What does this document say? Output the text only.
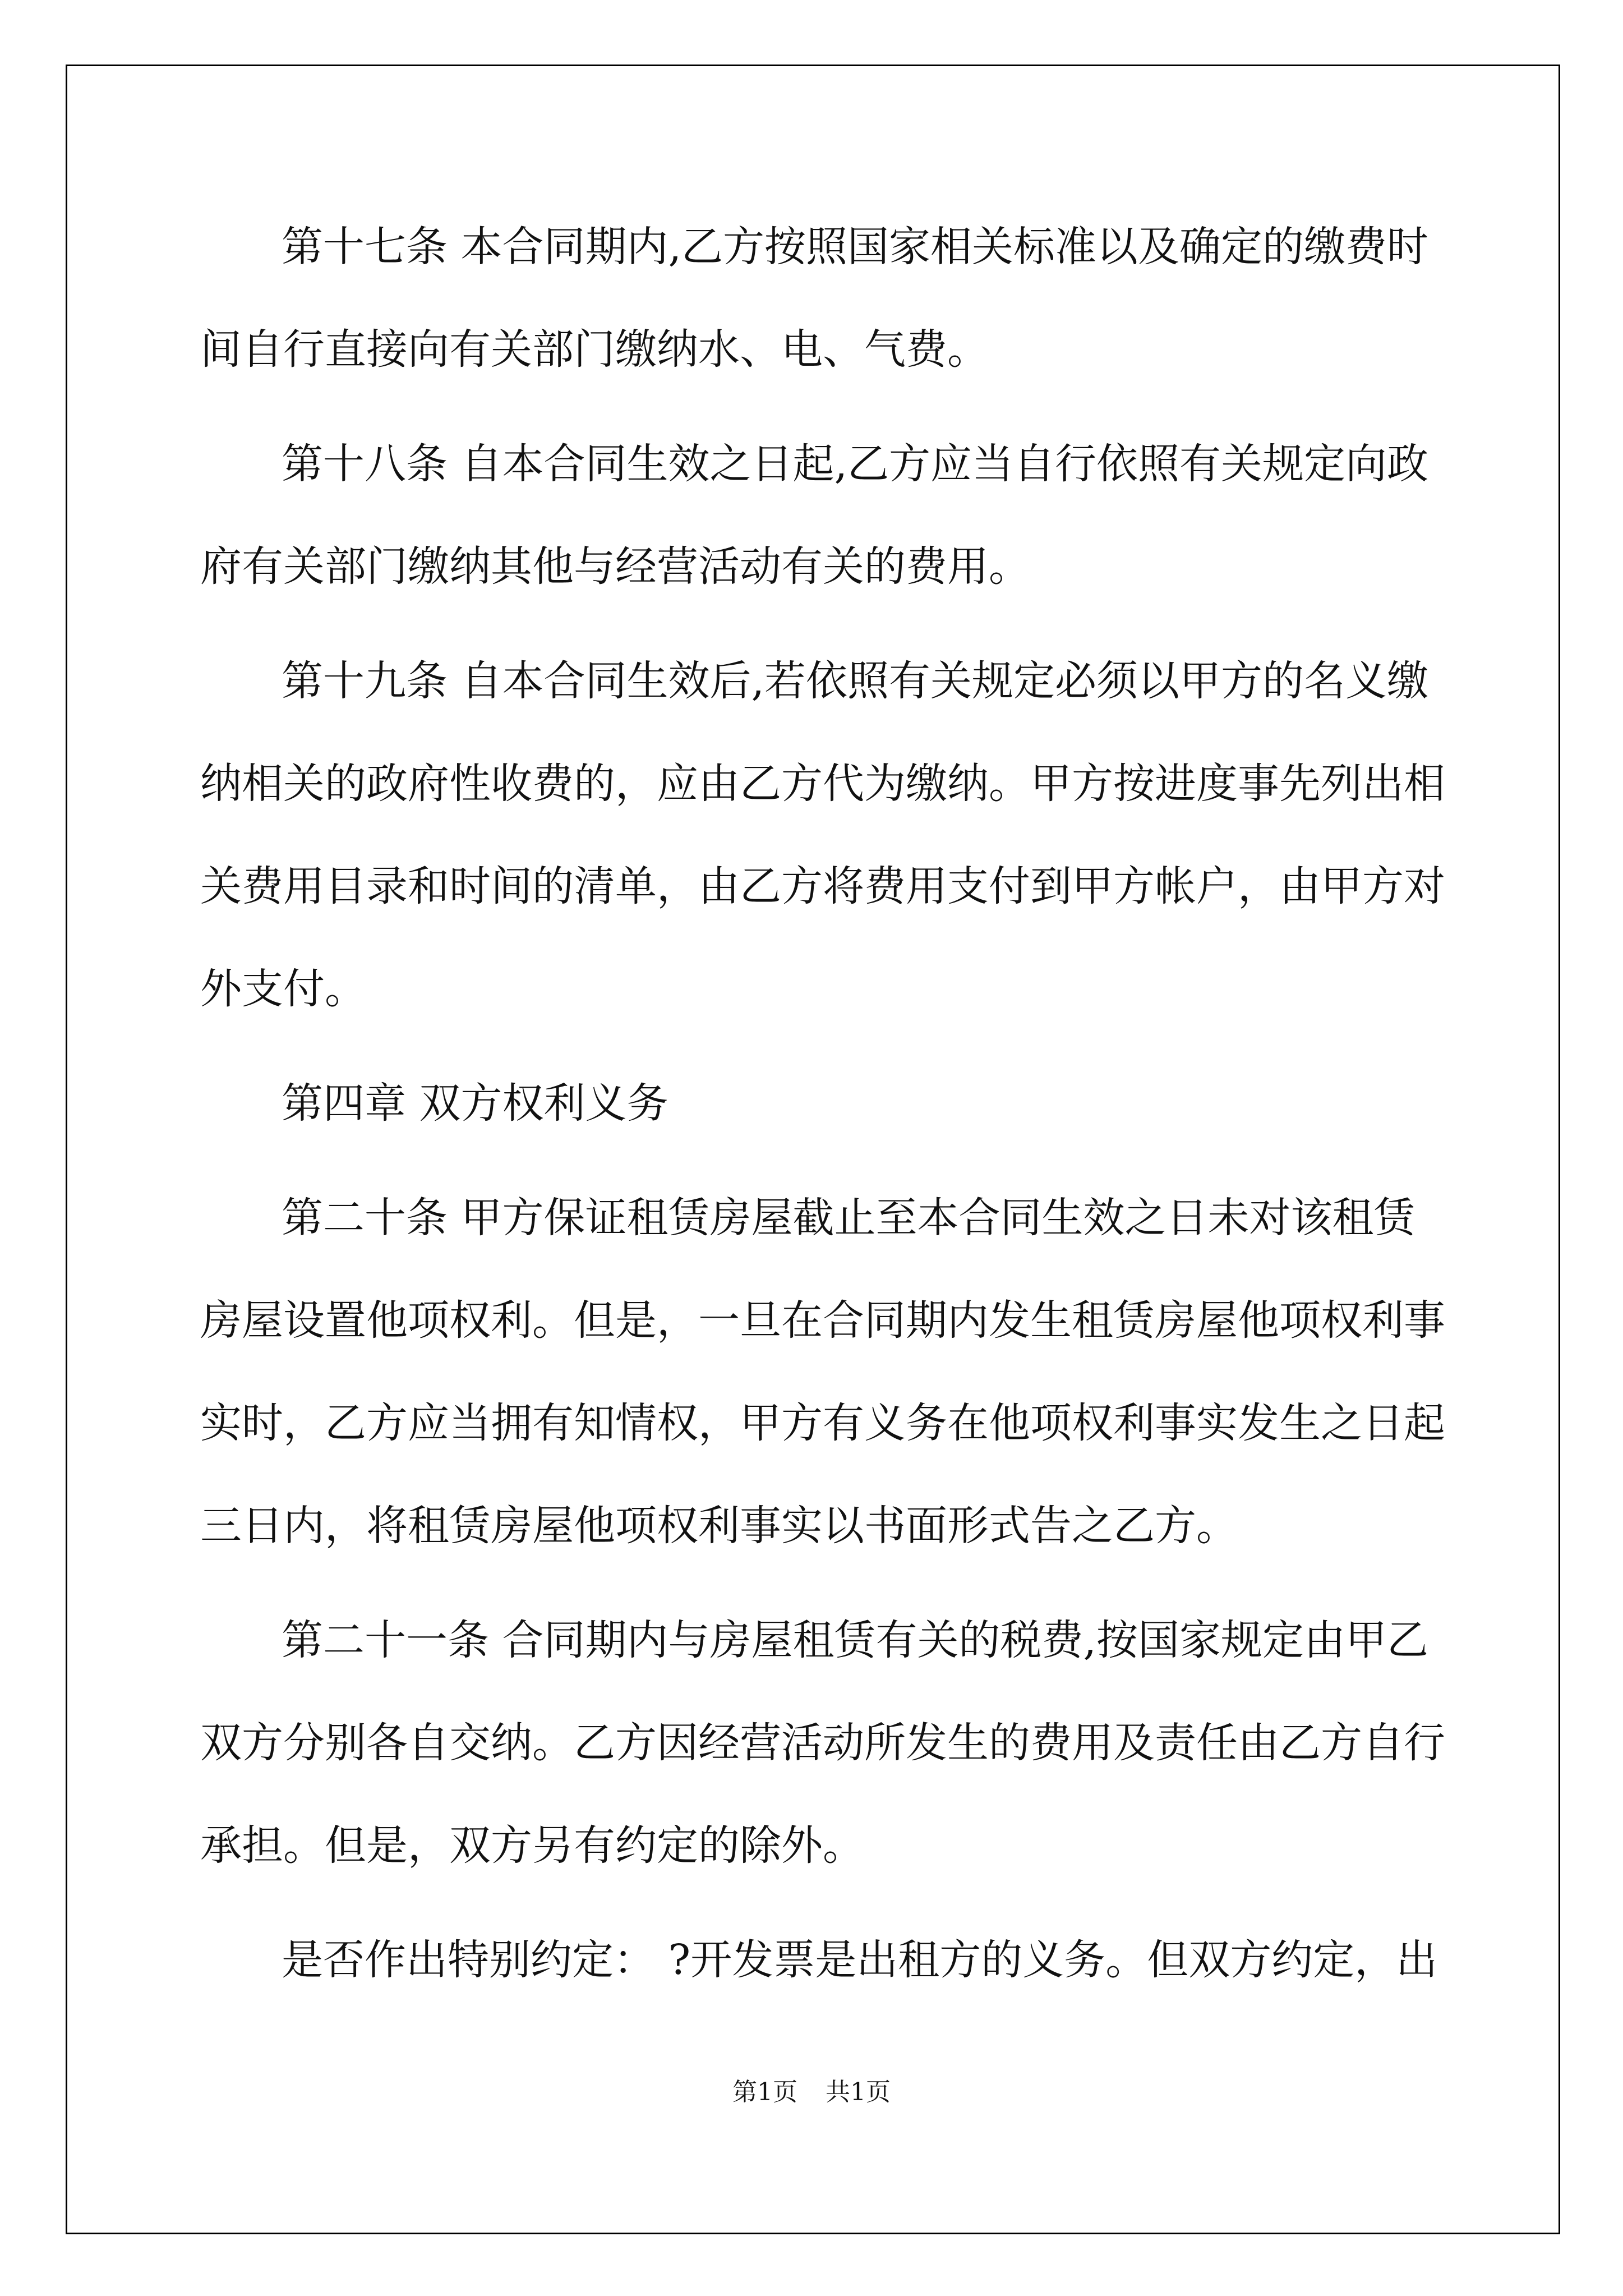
第十七条 本合同期内,乙方按照国家相关标准以及确定的缴费时
间自行直接向有关部门缴纳水、电、气费。
第十八条 自本合同生效之日起,乙方应当自行依照有关规定向政
府有关部门缴纳其他与经营活动有关的费用。
第十九条 自本合同生效后,若依照有关规定必须以甲方的名义缴
纳相关的政府性收费的，应由乙方代为缴纳。甲方按进度事先列出相
关费用目录和时间的清单，由乙方将费用支付到甲方帐户，由甲方对
外支付。
第四章 双方权利义务
第二十条 甲方保证租赁房屋截止至本合同生效之日未对该租赁
房屋设置他项权利。但是，一旦在合同期内发生租赁房屋他项权利事
实时，乙方应当拥有知情权，甲方有义务在他项权利事实发生之日起
三日内，将租赁房屋他项权利事实以书面形式告之乙方。
第二十一条 合同期内与房屋租赁有关的税费,按国家规定由甲乙
双方分别各自交纳。乙方因经营活动所发生的费用及责任由乙方自行
承担。但是，双方另有约定的除外。
是否作出特别约定： ?开发票是出租方的义务。但双方约定，出
第1页 共1页
